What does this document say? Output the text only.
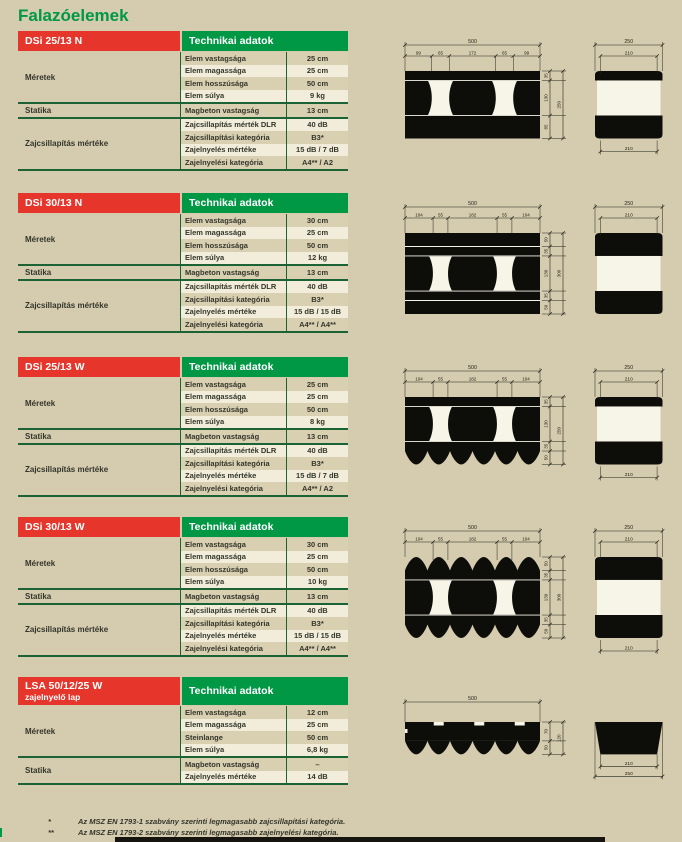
Falazóelemek
DSi 25/13 N	Technikai adatok
Méretek
Elem vastagsága	25 cm
Elem magassága	25 cm
Elem hosszúsága	50 cm
Elem súlya	9 kg
Statika	Magbeton vastagság	13 cm
Zajcsillapítás mértéke
Zajcsillapítás mérték DLR	40 dB
Zajcsillapítási kategória	B3*
Zajelnyelés mértéke	15 dB / 7 dB
Zajelnyelési kategória	A4** / A2
500
99	65	172	65	99
35
130
85
250
250
210
210
DSi 30/13 N	Technikai adatok
Méretek
Elem vastagsága	30 cm
Elem magassága	25 cm
Elem hosszúsága	50 cm
Elem súlya	12 kg
Statika	Magbeton vastagság	13 cm
Zajcsillapítás mértéke
Zajcsillapítás mérték DLR	40 dB
Zajcsillapítási kategória	B3*
Zajelnyelés mértéke	15 dB / 15 dB
Zajelnyelési kategória	A4** / A4**
500
104	55	182	55	104
50
35
130
35
50
300
250
210
DSi 25/13 W	Technikai adatok
Méretek
Elem vastagsága	25 cm
Elem magassága	25 cm
Elem hosszúsága	50 cm
Elem súlya	8 kg
Statika	Magbeton vastagság	13 cm
Zajcsillapítás mértéke
Zajcsillapítás mérték DLR	40 dB
Zajcsillapítási kategória	B3*
Zajelnyelés mértéke	15 dB / 7 dB
Zajelnyelési kategória	A4** / A2
500
104	55	182	55	104
35
130
35
50
250
250
210
210
DSi 30/13 W	Technikai adatok
Méretek
Elem vastagsága	30 cm
Elem magassága	25 cm
Elem hosszúsága	50 cm
Elem súlya	10 kg
Statika	Magbeton vastagság	13 cm
Zajcsillapítás mértéke
Zajcsillapítás mérték DLR	40 dB
Zajcsillapítási kategória	B3*
Zajelnyelés mértéke	15 dB / 15 dB
Zajelnyelési kategória	A4** / A4**
500
104	55	182	55	104
50
35
130
35
50
300
250
210
210
LSA 50/12/25 W
zajelnyelő lap	Technikai adatok
Méretek
Elem vastagsága	12 cm
Elem magassága	25 cm
Steinlange	50 cm
Elem súlya	6,8 kg
Statika
Magbeton vastagság	–
Zajelnyelés mértéke	14 dB
500
70
50
120
210
250
*	Az MSZ EN 1793-1 szabvány szerinti legmagasabb zajcsillapítási kategória.
**	Az MSZ EN 1793-2 szabvány szerinti legmagasabb zajelnyelési kategória.
